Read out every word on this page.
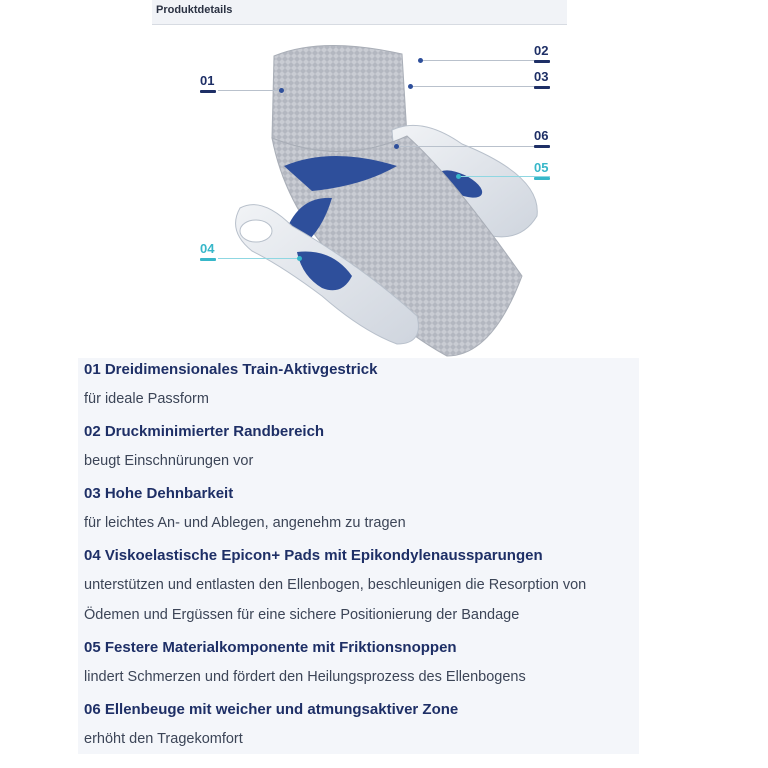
Produktdetails
01
02
03
04
05
06
01 Dreidimensionales Train-Aktivgestrick
für ideale Passform
02 Druckminimierter Randbereich
beugt Einschnürungen vor
03 Hohe Dehnbarkeit
für leichtes An- und Ablegen, angenehm zu tragen
04 Viskoelastische Epicon+ Pads mit Epikondylenaussparungen
unterstützen und entlasten den Ellenbogen, beschleunigen die Resorption von Ödemen und Ergüssen für eine sichere Positionierung der Bandage
05 Festere Materialkomponente mit Friktionsnoppen
lindert Schmerzen und fördert den Heilungsprozess des Ellenbogens
06 Ellenbeuge mit weicher und atmungsaktiver Zone
erhöht den Tragekomfort
